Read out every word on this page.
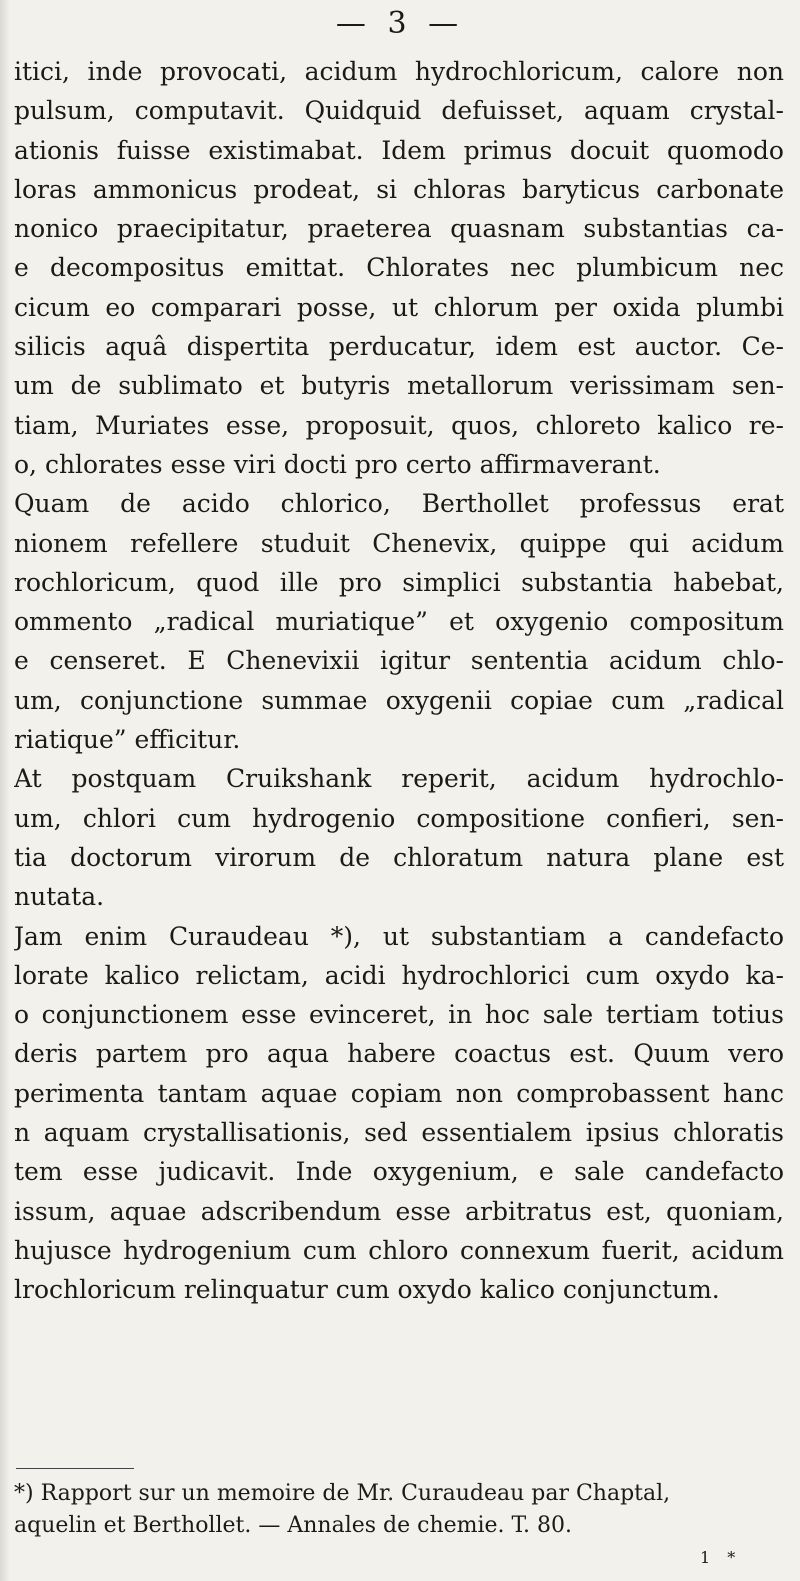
— 3 —
itici, inde provocati, acidum hydrochloricum, calore non
pulsum, computavit. Quidquid defuisset, aquam crystal-
ationis fuisse existimabat. Idem primus docuit quomodo
loras ammonicus prodeat, si chloras baryticus carbonate
nonico praecipitatur, praeterea quasnam substantias ca-
e decompositus emittat. Chlorates nec plumbicum nec
cicum eo comparari posse, ut chlorum per oxida plumbi
silicis aquâ dispertita perducatur, idem est auctor. Ce-
um de sublimato et butyris metallorum verissimam sen-
tiam, Muriates esse, proposuit, quos, chloreto kalico re-
o, chlorates esse viri docti pro certo affirmaverant.
Quam de acido chlorico, Berthollet professus erat
nionem refellere studuit Chenevix, quippe qui acidum
rochloricum, quod ille pro simplici substantia habebat,
ommento „radical muriatique” et oxygenio compositum
e censeret. E Chenevixii igitur sententia acidum chlo-
um, conjunctione summae oxygenii copiae cum „radical
riatique” efficitur.
At postquam Cruikshank reperit, acidum hydrochlo-
um, chlori cum hydrogenio compositione confieri, sen-
tia doctorum virorum de chloratum natura plane est
nutata.
Jam enim Curaudeau *), ut substantiam a candefacto
lorate kalico relictam, acidi hydrochlorici cum oxydo ka-
o conjunctionem esse evinceret, in hoc sale tertiam totius
deris partem pro aqua habere coactus est. Quum vero
perimenta tantam aquae copiam non comprobassent hanc
n aquam crystallisationis, sed essentialem ipsius chloratis
tem esse judicavit. Inde oxygenium, e sale candefacto
issum, aquae adscribendum esse arbitratus est, quoniam,
hujusce hydrogenium cum chloro connexum fuerit, acidum
lrochloricum relinquatur cum oxydo kalico conjunctum.
*) Rapport sur un memoire de Mr. Curaudeau par Chaptal,
aquelin et Berthollet. — Annales de chemie. T. 80.
1 *
